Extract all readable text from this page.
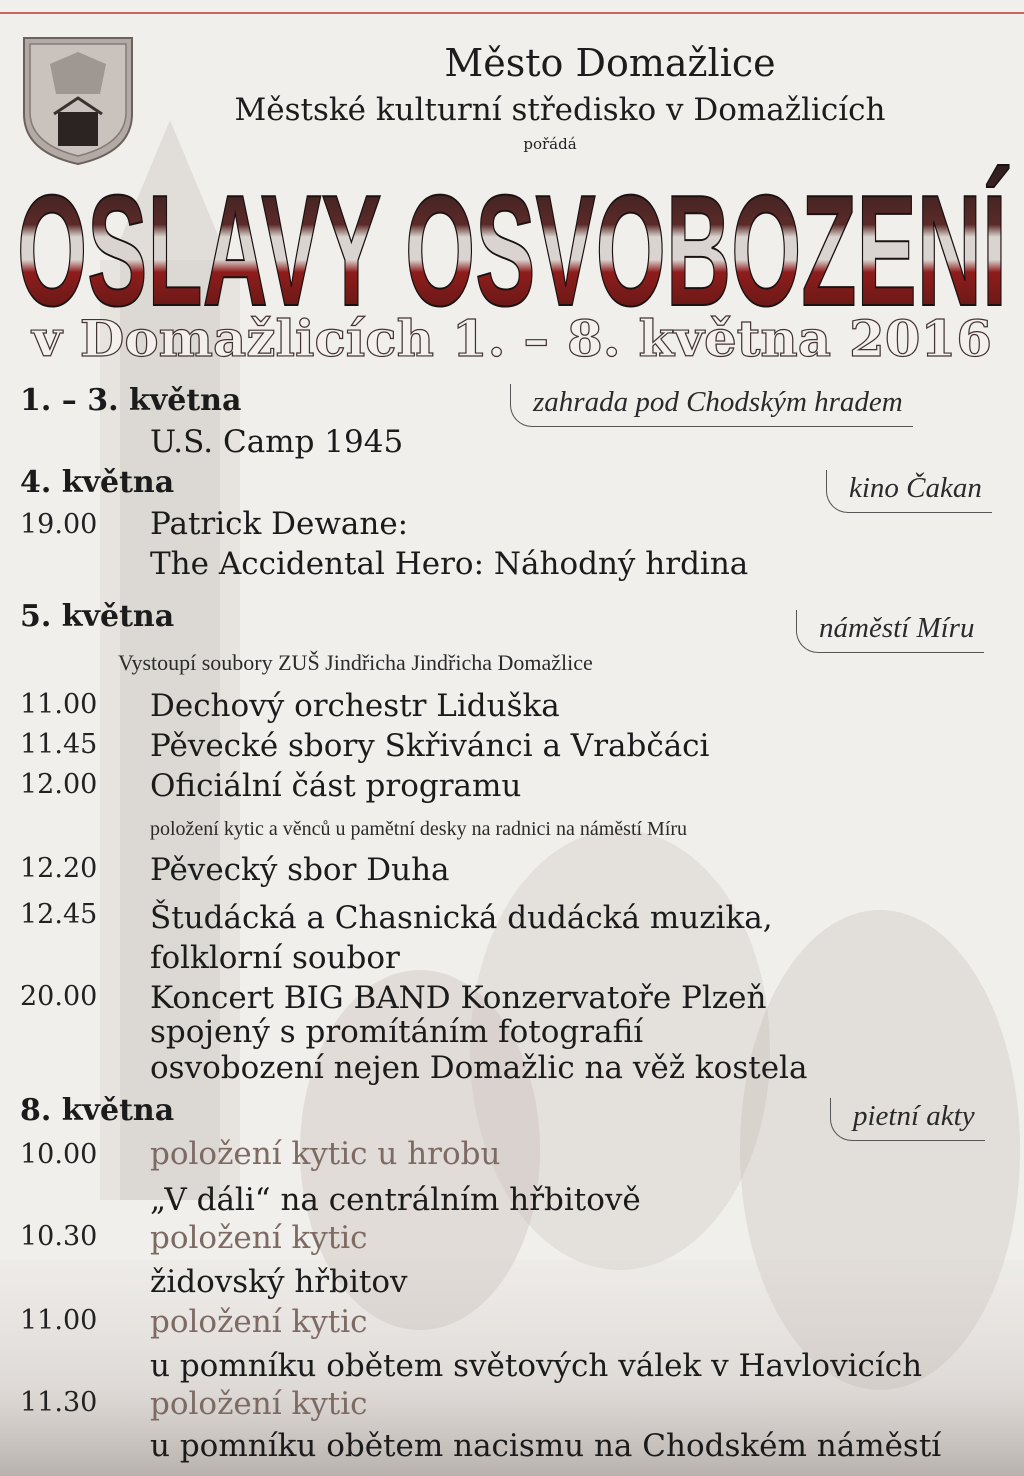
Město Domažlice
Městské kulturní středisko v Domažlicích
pořádá
OSLAVY OSVOBOZENÍ
v Domažlicích 1. – 8. května 2016
1. – 3. května	zahrada pod Chodským hradem
U.S. Camp 1945
4. května	kino Čakan
19.00 Patrick Dewane:
The Accidental Hero: Náhodný hrdina
5. května	náměstí Míru
Vystoupí soubory ZUŠ Jindřicha Jindřicha Domažlice
11.00 Dechový orchestr Liduška
11.45 Pěvecké sbory Skřivánci a Vrabčáci
12.00 Oficiální část programu
položení kytic a věnců u pamětní desky na radnici na náměstí Míru
12.20 Pěvecký sbor Duha
12.45 Študácká a Chasnická dudácká muzika,
folklorní soubor
20.00 Koncert BIG BAND Konzervatoře Plzeň
spojený s promítáním fotografií
osvobození nejen Domažlic na věž kostela
8. května	pietní akty
10.00 položení kytic u hrobu
„V dáli“ na centrálním hřbitově
10.30 položení kytic
židovský hřbitov
11.00 položení kytic
u pomníku obětem světových válek v Havlovicích
11.30 položení kytic
u pomníku obětem nacismu na Chodském náměstí
